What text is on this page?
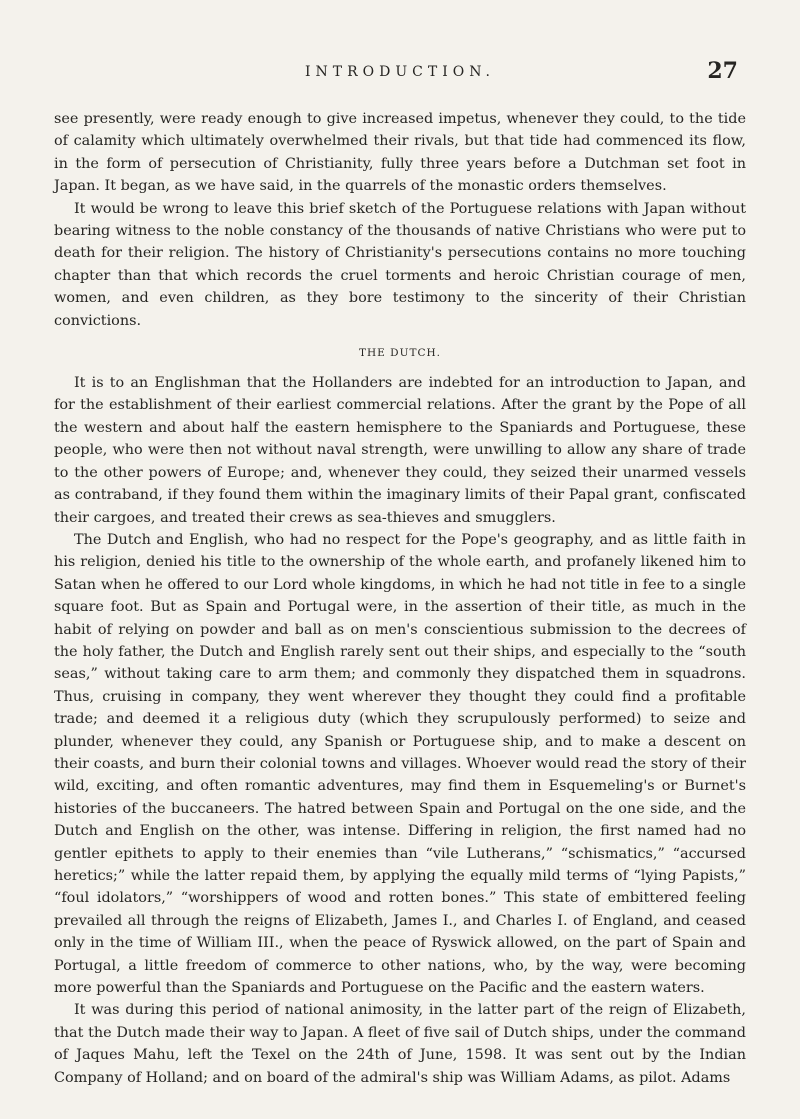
INTRODUCTION.	27

see presently, were ready enough to give increased impetus, whenever they could, to the tide of calamity which ultimately overwhelmed their rivals, but that tide had commenced its flow, in the form of persecution of Christianity, fully three years before a Dutchman set foot in Japan. It began, as we have said, in the quarrels of the monastic orders themselves.

It would be wrong to leave this brief sketch of the Portuguese relations with Japan without bearing witness to the noble constancy of the thousands of native Christians who were put to death for their religion. The history of Christianity's persecutions contains no more touching chapter than that which records the cruel torments and heroic Christian courage of men, women, and even children, as they bore testimony to the sincerity of their Christian convictions.

THE DUTCH.

It is to an Englishman that the Hollanders are indebted for an introduction to Japan, and for the establishment of their earliest commercial relations. After the grant by the Pope of all the western and about half the eastern hemisphere to the Spaniards and Portuguese, these people, who were then not without naval strength, were unwilling to allow any share of trade to the other powers of Europe; and, whenever they could, they seized their unarmed vessels as contraband, if they found them within the imaginary limits of their Papal grant, confiscated their cargoes, and treated their crews as sea-thieves and smugglers.

The Dutch and English, who had no respect for the Pope's geography, and as little faith in his religion, denied his title to the ownership of the whole earth, and profanely likened him to Satan when he offered to our Lord whole kingdoms, in which he had not title in fee to a single square foot. But as Spain and Portugal were, in the assertion of their title, as much in the habit of relying on powder and ball as on men's conscientious submission to the decrees of the holy father, the Dutch and English rarely sent out their ships, and especially to the “south seas,” without taking care to arm them; and commonly they dispatched them in squadrons. Thus, cruising in company, they went wherever they thought they could find a profitable trade; and deemed it a religious duty (which they scrupulously performed) to seize and plunder, whenever they could, any Spanish or Portuguese ship, and to make a descent on their coasts, and burn their colonial towns and villages. Whoever would read the story of their wild, exciting, and often romantic adventures, may find them in Esquemeling's or Burnet's histories of the buccaneers. The hatred between Spain and Portugal on the one side, and the Dutch and English on the other, was intense. Differing in religion, the first named had no gentler epithets to apply to their enemies than “vile Lutherans,” “schismatics,” “accursed heretics;” while the latter repaid them, by applying the equally mild terms of “lying Papists,” “foul idolators,” “worshippers of wood and rotten bones.” This state of embittered feeling prevailed all through the reigns of Elizabeth, James I., and Charles I. of England, and ceased only in the time of William III., when the peace of Ryswick allowed, on the part of Spain and Portugal, a little freedom of commerce to other nations, who, by the way, were becoming more powerful than the Spaniards and Portuguese on the Pacific and the eastern waters.

It was during this period of national animosity, in the latter part of the reign of Elizabeth, that the Dutch made their way to Japan. A fleet of five sail of Dutch ships, under the command of Jaques Mahu, left the Texel on the 24th of June, 1598. It was sent out by the Indian Company of Holland; and on board of the admiral's ship was William Adams, as pilot. Adams
